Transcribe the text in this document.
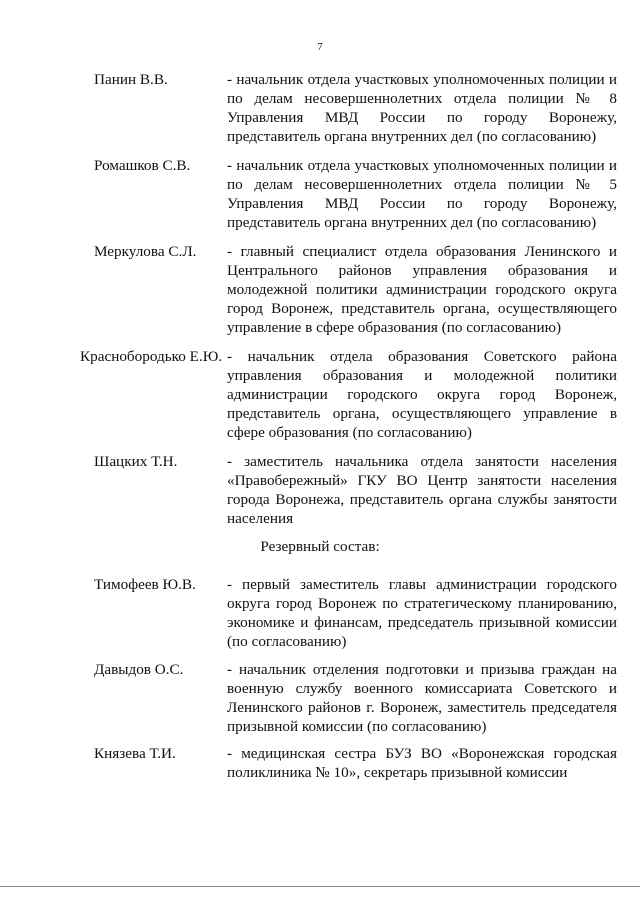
7
Панин В.В.	- начальник отдела участковых уполномоченных полиции и по делам несовершеннолетних отдела полиции № 8 Управления МВД России по городу Воронежу, представитель органа внутренних дел (по согласованию)
Ромашков С.В. - начальник отдела участковых уполномоченных полиции и по делам несовершеннолетних отдела полиции № 5 Управления МВД России по городу Воронежу, представитель органа внутренних дел (по согласованию)
Меркулова С.Л. - главный специалист отдела образования Ленинского и Центрального районов управления образования и молодежной политики администрации городского округа город Воронеж, представитель органа, осуществляющего управление в сфере образования (по согласованию)
Краснобородько Е.Ю. - начальник отдела образования Советского района управления образования и молодежной политики администрации городского округа город Воронеж, представитель органа, осуществляющего управление в сфере образования (по согласованию)
Шацких Т.Н.	- заместитель начальника отдела занятости населения «Правобережный» ГКУ ВО Центр занятости населения города Воронежа, представитель органа службы занятости населения
Резервный состав:
Тимофеев Ю.В. - первый заместитель главы администрации городского округа город Воронеж по стратегическому планированию, экономике и финансам, председатель призывной комиссии (по согласованию)
Давыдов О.С.	- начальник отделения подготовки и призыва граждан на военную службу военного комиссариата Советского и Ленинского районов г. Воронеж, заместитель председателя призывной комиссии (по согласованию)
Князева Т.И.	- медицинская сестра БУЗ ВО «Воронежская городская поликлиника № 10», секретарь призывной комиссии
